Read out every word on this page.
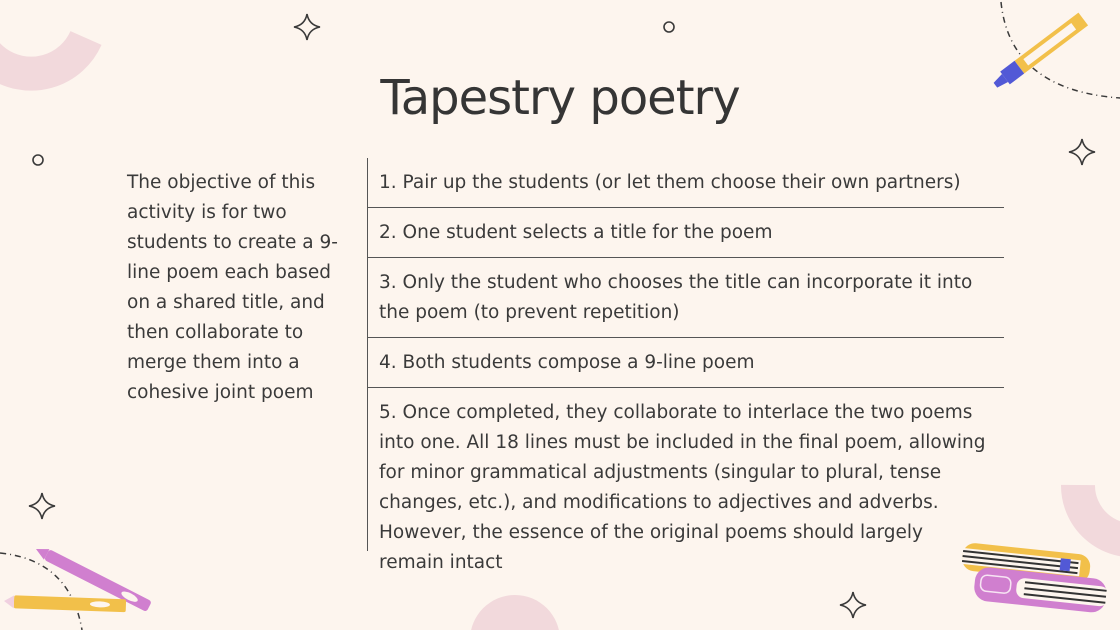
Tapestry poetry

The objective of this activity is for two students to create a 9-line poem each based on a shared title, and then collaborate to merge them into a cohesive joint poem

1. Pair up the students (or let them choose their own partners)
2. One student selects a title for the poem
3. Only the student who chooses the title can incorporate it into the poem (to prevent repetition)
4. Both students compose a 9-line poem
5. Once completed, they collaborate to interlace the two poems into one. All 18 lines must be included in the final poem, allowing for minor grammatical adjustments (singular to plural, tense changes, etc.), and modifications to adjectives and adverbs. However, the essence of the original poems should largely remain intact
